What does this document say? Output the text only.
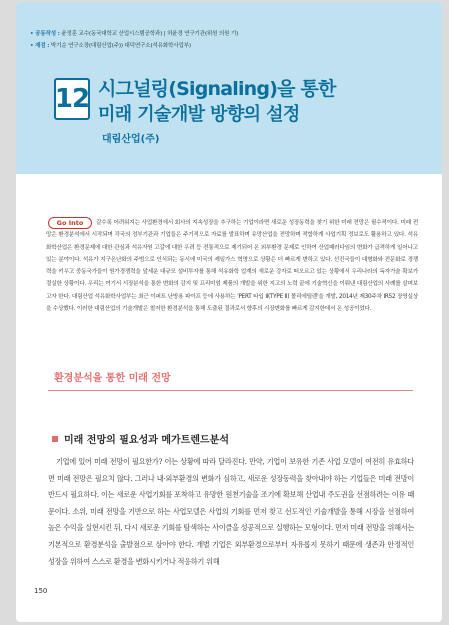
• 공동작성 : 윤정훈 교수(동국대학교 산업시스템공학과) | 허윤경 연구기관(위원 의원 기)
• 재검 : 박기순 연구소장(대림산업(주)) 대덕연구소(석유화학사업부)
12 시그널링(Signaling)을 통한
미래 기술개발 방향의 설정
대림산업(주)
갈수록 어려워지는 사업환경에서 회사의 지속성장을 추구하는 기업이라면 새로운 성장동력을 찾기 위한 미래 전망은 필수적이다. 미래 전망은 환경분석에서 시작되며 각국의 정부기관과 기업들은 주기적으로 자료를 발표하며 유망산업을 전망하며 적합하게 사업기획 정보로도 활용하고 있다. 석유화학산업은 환경문제에 대한 관심과 석유자원 고갈에 대한 우려 등 전통적으로 제기되어 온 외부환경 문제로 인하여 산업패러다임의 변화가 급격하게 일어나고 있는 분야이다. 석유가 지구온난화의 주범으로 인식되는 동시에 미국의 셰일가스 혁명으로 상황은 더 빠르게 변하고 있다. 선진국들이 대형화와 전문화로 경쟁력을 키우고 중동국가들이 원가경쟁력을 앞세운 대규모 설비투자를 통해 석유화학 업계의 새로운 강자로 떠오르고 있는 상황에서 우리나라의 독자가술 확보가 절실한 상황이다. 우리는 여기서 시장분석을 통한 변화의 감지 및 프리미엄 제품의 개발을 위한 지고의 노력 끝에 기술혁신을 이뤄낸 대림산업의 사례를 살펴보고자 한다. 대림산업 석유화학사업부는 최근 이퍼트 난방용 파이프 등에 사용하는 'PERT 타입 Ⅱ(TYPE Ⅱ) 폴리에틸렌'을 개발, 2014년 제30주차 IR52 장영실상을 수상했다. 이러한 대림산업의 기술개발은 철저한 환경분석을 통해 도출된 결과로서 향후의 시장변화를 빠르게 감지한데서 온 성공이었다.
Go Into
환경분석을 통한 미래 전망
미래 전망의 필요성과 메가트렌드분석
기업에 있어 미래 전망이 필요한가? 이는 상황에 따라 달라진다. 만약, 기업이 보유한 기존 사업 모델이 여전히 유효하다면 미래 전망은 필요치 않다. 그러나 내·외부환경의 변화가 심하고, 새로운 성장동력을 찾아내야 하는 기업들은 미래 전망이 반드시 필요하다. 이는 새로운 사업기회를 포착하고 유망한 원천기술을 조기에 확보해 산업내 주도권을 선점하려는 이유 때문이다. 소위, 미래 전망을 기반으로 하는 사업모델은 사업의 기회를 먼저 찾고 선도적인 기술개발을 통해 시장을 선점하여 높은 수익을 실현시킨 뒤, 다시 새로운 기회를 탐색하는 사이클을 성공적으로 실행하는 모형이다. 먼저 미래 전망을 위해서는 기본적으로 환경분석을 출발점으로 삼아야 한다. 개별 기업은 외부환경으로부터 자유롭지 못하기 때문에 생존과 안정적인 성장을 위하여 스스로 환경을 변화시키거나 적응하기 위해
150
